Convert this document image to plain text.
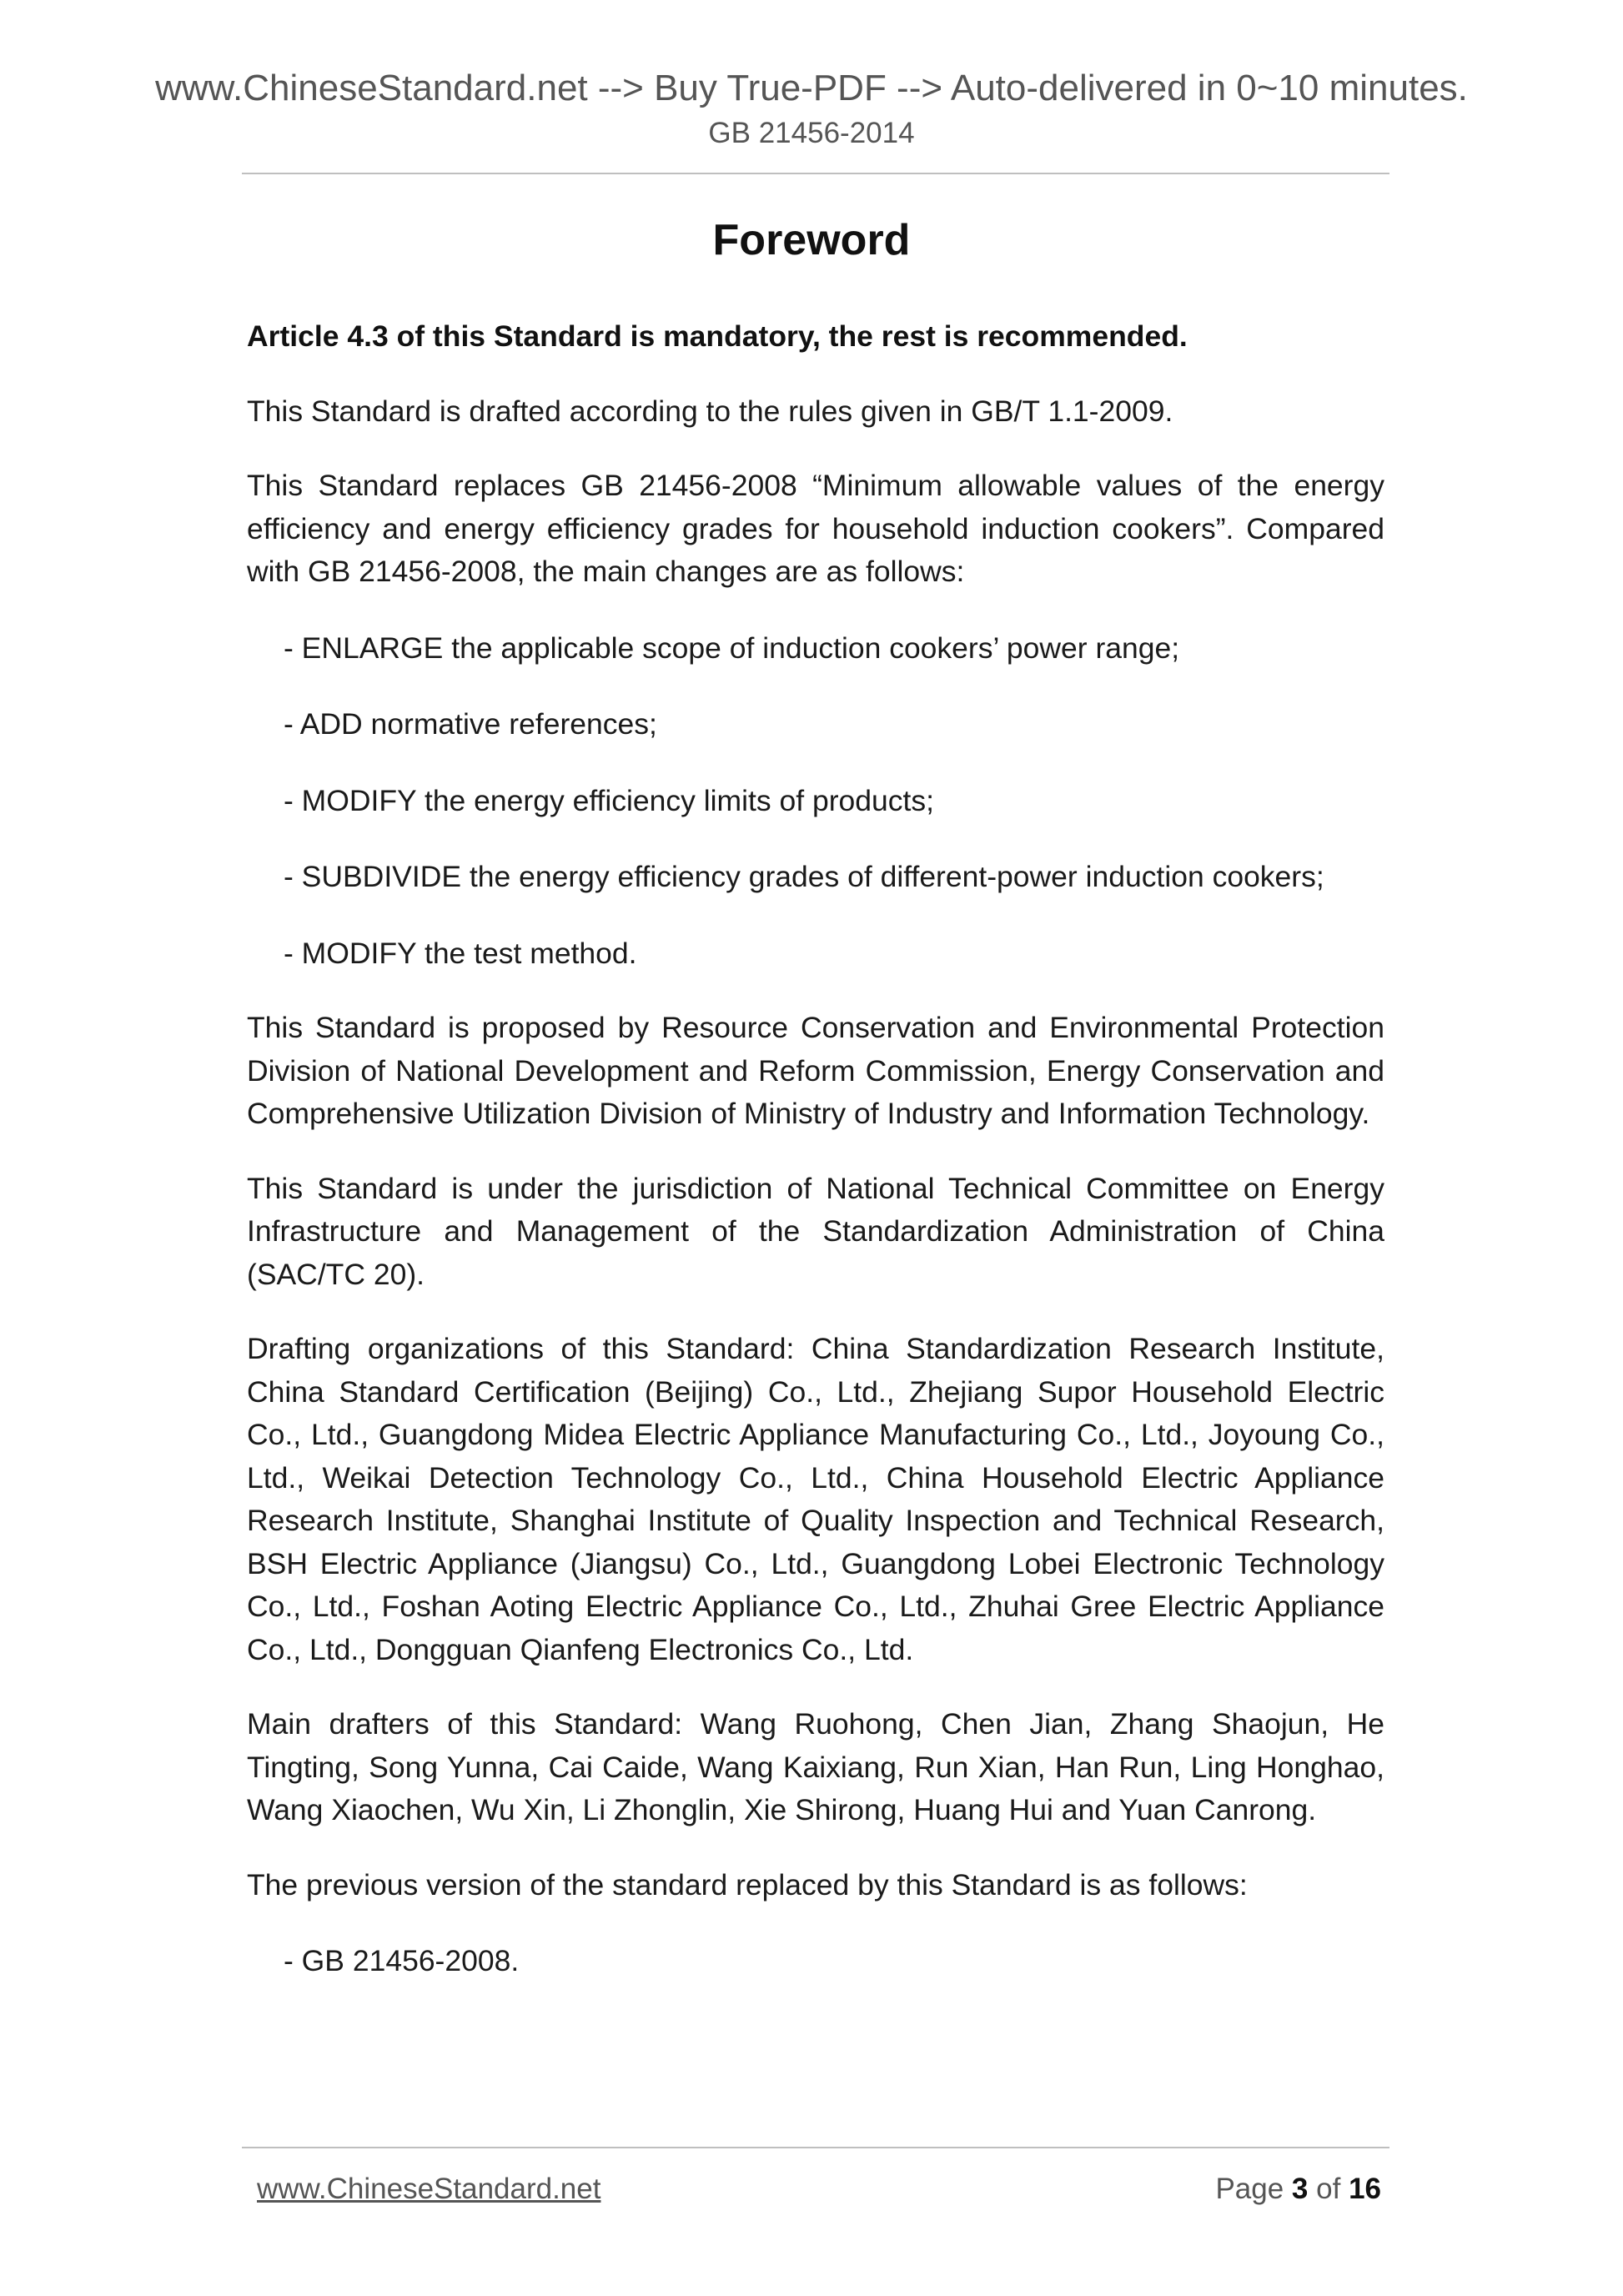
www.ChineseStandard.net --> Buy True-PDF --> Auto-delivered in 0~10 minutes.
GB 21456-2014
Foreword

Article 4.3 of this Standard is mandatory, the rest is recommended.

This Standard is drafted according to the rules given in GB/T 1.1-2009.

This Standard replaces GB 21456-2008 “Minimum allowable values of the energy efficiency and energy efficiency grades for household induction cookers”. Compared with GB 21456-2008, the main changes are as follows:

- ENLARGE the applicable scope of induction cookers’ power range;

- ADD normative references;

- MODIFY the energy efficiency limits of products;

- SUBDIVIDE the energy efficiency grades of different-power induction cookers;

- MODIFY the test method.

This Standard is proposed by Resource Conservation and Environmental Protection Division of National Development and Reform Commission, Energy Conservation and Comprehensive Utilization Division of Ministry of Industry and Information Technology.

This Standard is under the jurisdiction of National Technical Committee on Energy Infrastructure and Management of the Standardization Administration of China (SAC/TC 20).

Drafting organizations of this Standard: China Standardization Research Institute, China Standard Certification (Beijing) Co., Ltd., Zhejiang Supor Household Electric Co., Ltd., Guangdong Midea Electric Appliance Manufacturing Co., Ltd., Joyoung Co., Ltd., Weikai Detection Technology Co., Ltd., China Household Electric Appliance Research Institute, Shanghai Institute of Quality Inspection and Technical Research, BSH Electric Appliance (Jiangsu) Co., Ltd., Guangdong Lobei Electronic Technology Co., Ltd., Foshan Aoting Electric Appliance Co., Ltd., Zhuhai Gree Electric Appliance Co., Ltd., Dongguan Qianfeng Electronics Co., Ltd.

Main drafters of this Standard: Wang Ruohong, Chen Jian, Zhang Shaojun, He Tingting, Song Yunna, Cai Caide, Wang Kaixiang, Run Xian, Han Run, Ling Honghao, Wang Xiaochen, Wu Xin, Li Zhonglin, Xie Shirong, Huang Hui and Yuan Canrong.

The previous version of the standard replaced by this Standard is as follows:

- GB 21456-2008.

www.ChineseStandard.net	Page 3 of 16
